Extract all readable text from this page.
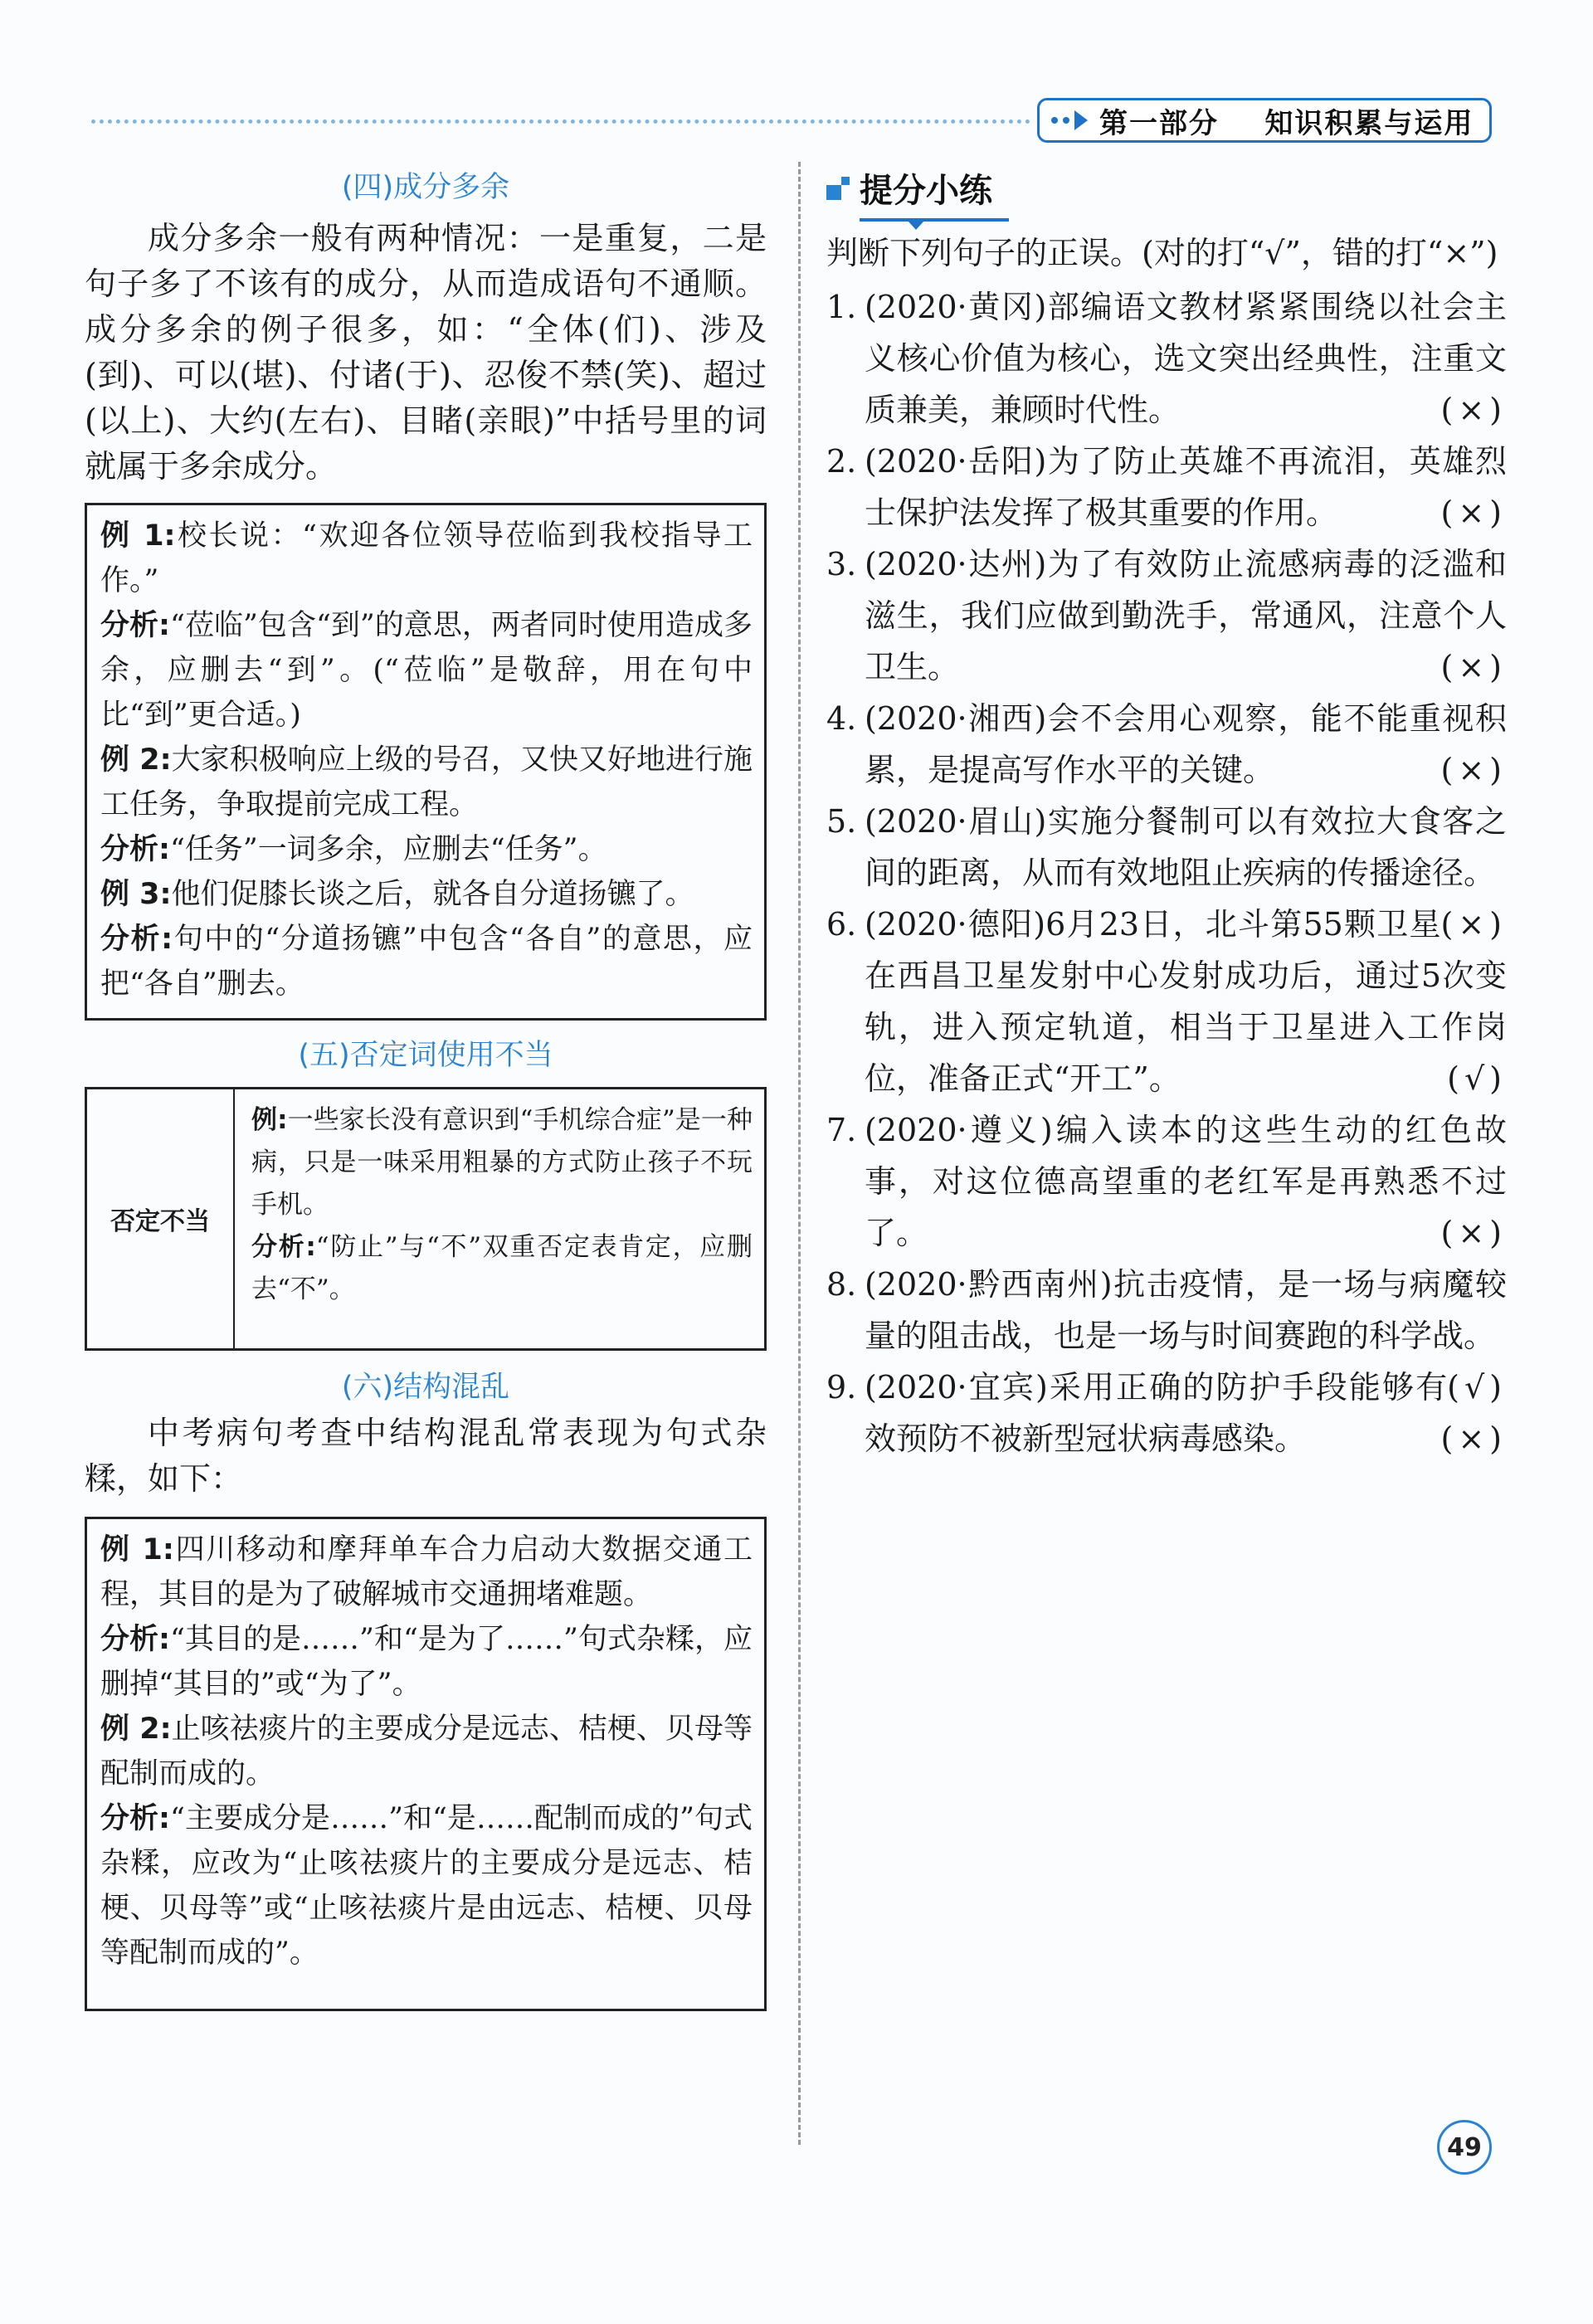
第一部分    知识积累与运用
(四)成分多余

成分多余一般有两种情况：一是重复，二是句子多了不该有的成分，从而造成语句不通顺。成分多余的例子很多，如：“全体(们)、涉及(到)、可以(堪)、付诸(于)、忍俊不禁(笑)、超过(以上)、大约(左右)、目睹(亲眼)”中括号里的词就属于多余成分。

例 1:校长说：“欢迎各位领导莅临到我校指导工作。”

分析:“莅临”包含“到”的意思，两者同时使用造成多余，应删去“到”。(“莅临”是敬辞，用在句中比“到”更合适。)

例 2:大家积极响应上级的号召，又快又好地进行施工任务，争取提前完成工程。

分析:“任务”一词多余，应删去“任务”。

例 3:他们促膝长谈之后，就各自分道扬镳了。

分析:句中的“分道扬镳”中包含“各自”的意思，应把“各自”删去。

(五)否定词使用不当
否定不当

例:一些家长没有意识到“手机综合症”是一种病，只是一味采用粗暴的方式防止孩子不玩手机。

分析:“防止”与“不”双重否定表肯定，应删去“不”。

(六)结构混乱

中考病句考查中结构混乱常表现为句式杂糅，如下：

例 1:四川移动和摩拜单车合力启动大数据交通工程，其目的是为了破解城市交通拥堵难题。

分析:“其目的是……”和“是为了……”句式杂糅，应删掉“其目的”或“为了”。

例 2:止咳祛痰片的主要成分是远志、桔梗、贝母等配制而成的。

分析:“主要成分是……”和“是……配制而成的”句式杂糅，应改为“止咳祛痰片的主要成分是远志、桔梗、贝母等”或“止咳祛痰片是由远志、桔梗、贝母等配制而成的”。

提分小练

判断下列句子的正误。(对的打“√”，错的打“×”)

1. (2020·黄冈)部编语文教材紧紧围绕以社会主义核心价值为核心，选文突出经典性，注重文质兼美，兼顾时代性。	(×)

2. (2020·岳阳)为了防止英雄不再流泪，英雄烈士保护法发挥了极其重要的作用。	(×)

3. (2020·达州)为了有效防止流感病毒的泛滥和滋生，我们应做到勤洗手，常通风，注意个人卫生。	(×)

4. (2020·湘西)会不会用心观察，能不能重视积累，是提高写作水平的关键。	(×)

5. (2020·眉山)实施分餐制可以有效拉大食客之间的距离，从而有效地阻止疾病的传播途径。
(×)

6. (2020·德阳)6月23日，北斗第55颗卫星在西昌卫星发射中心发射成功后，通过5次变轨，进入预定轨道，相当于卫星进入工作岗位，准备正式“开工”。	(√)

7. (2020·遵义)编入读本的这些生动的红色故事，对这位德高望重的老红军是再熟悉不过了。	(×)

8. (2020·黔西南州)抗击疫情，是一场与病魔较量的阻击战，也是一场与时间赛跑的科学战。
(√)

9. (2020·宜宾)采用正确的防护手段能够有效预防不被新型冠状病毒感染。	(×)

49
